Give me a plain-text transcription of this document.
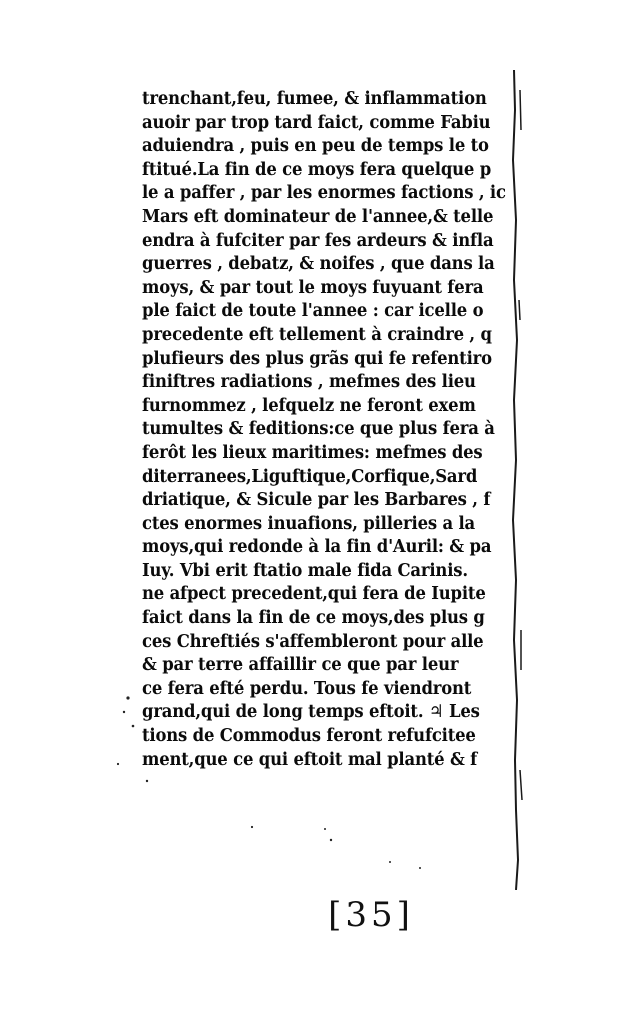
trenchant,feu, fumee, & inflammation
auoir par trop tard faict, comme Fabiu
aduiendra , puis en peu de temps le to
ftitué.La fin de ce moys fera quelque p
le a paffer , par les enormes factions , ic
Mars eft dominateur de l'annee,& telle
endra à fufciter par fes ardeurs & infla
guerres , debatz, & noifes , que dans la
moys, & par tout le moys fuyuant fera
ple faict de toute l'annee : car icelle o
precedente eft tellement à craindre , q
plufieurs des plus grãs qui fe refentiro
finiftres radiations , mefmes des lieu
furnommez , lefquelz ne feront exem
tumultes & feditions:ce que plus fera à
ferôt les lieux maritimes: mefmes des
diterranees,Liguftique,Corfique,Sard
driatique, & Sicule par les Barbares , f
ctes enormes inuafions, pilleries a la
moys,qui redonde à la fin d'Auril: & pa
Iuy. Vbi erit ftatio male fida Carinis.
ne afpect precedent,qui fera de Iupite
faict dans la fin de ce moys,des plus g
ces Chreftiés s'affembleront pour alle
& par terre affaillir ce que par leur
ce fera efté perdu. Tous fe viendront
grand,qui de long temps eftoit. ♃ Les
tions de Commodus feront refufcitee
ment,que ce qui eftoit mal planté & f
[35]
